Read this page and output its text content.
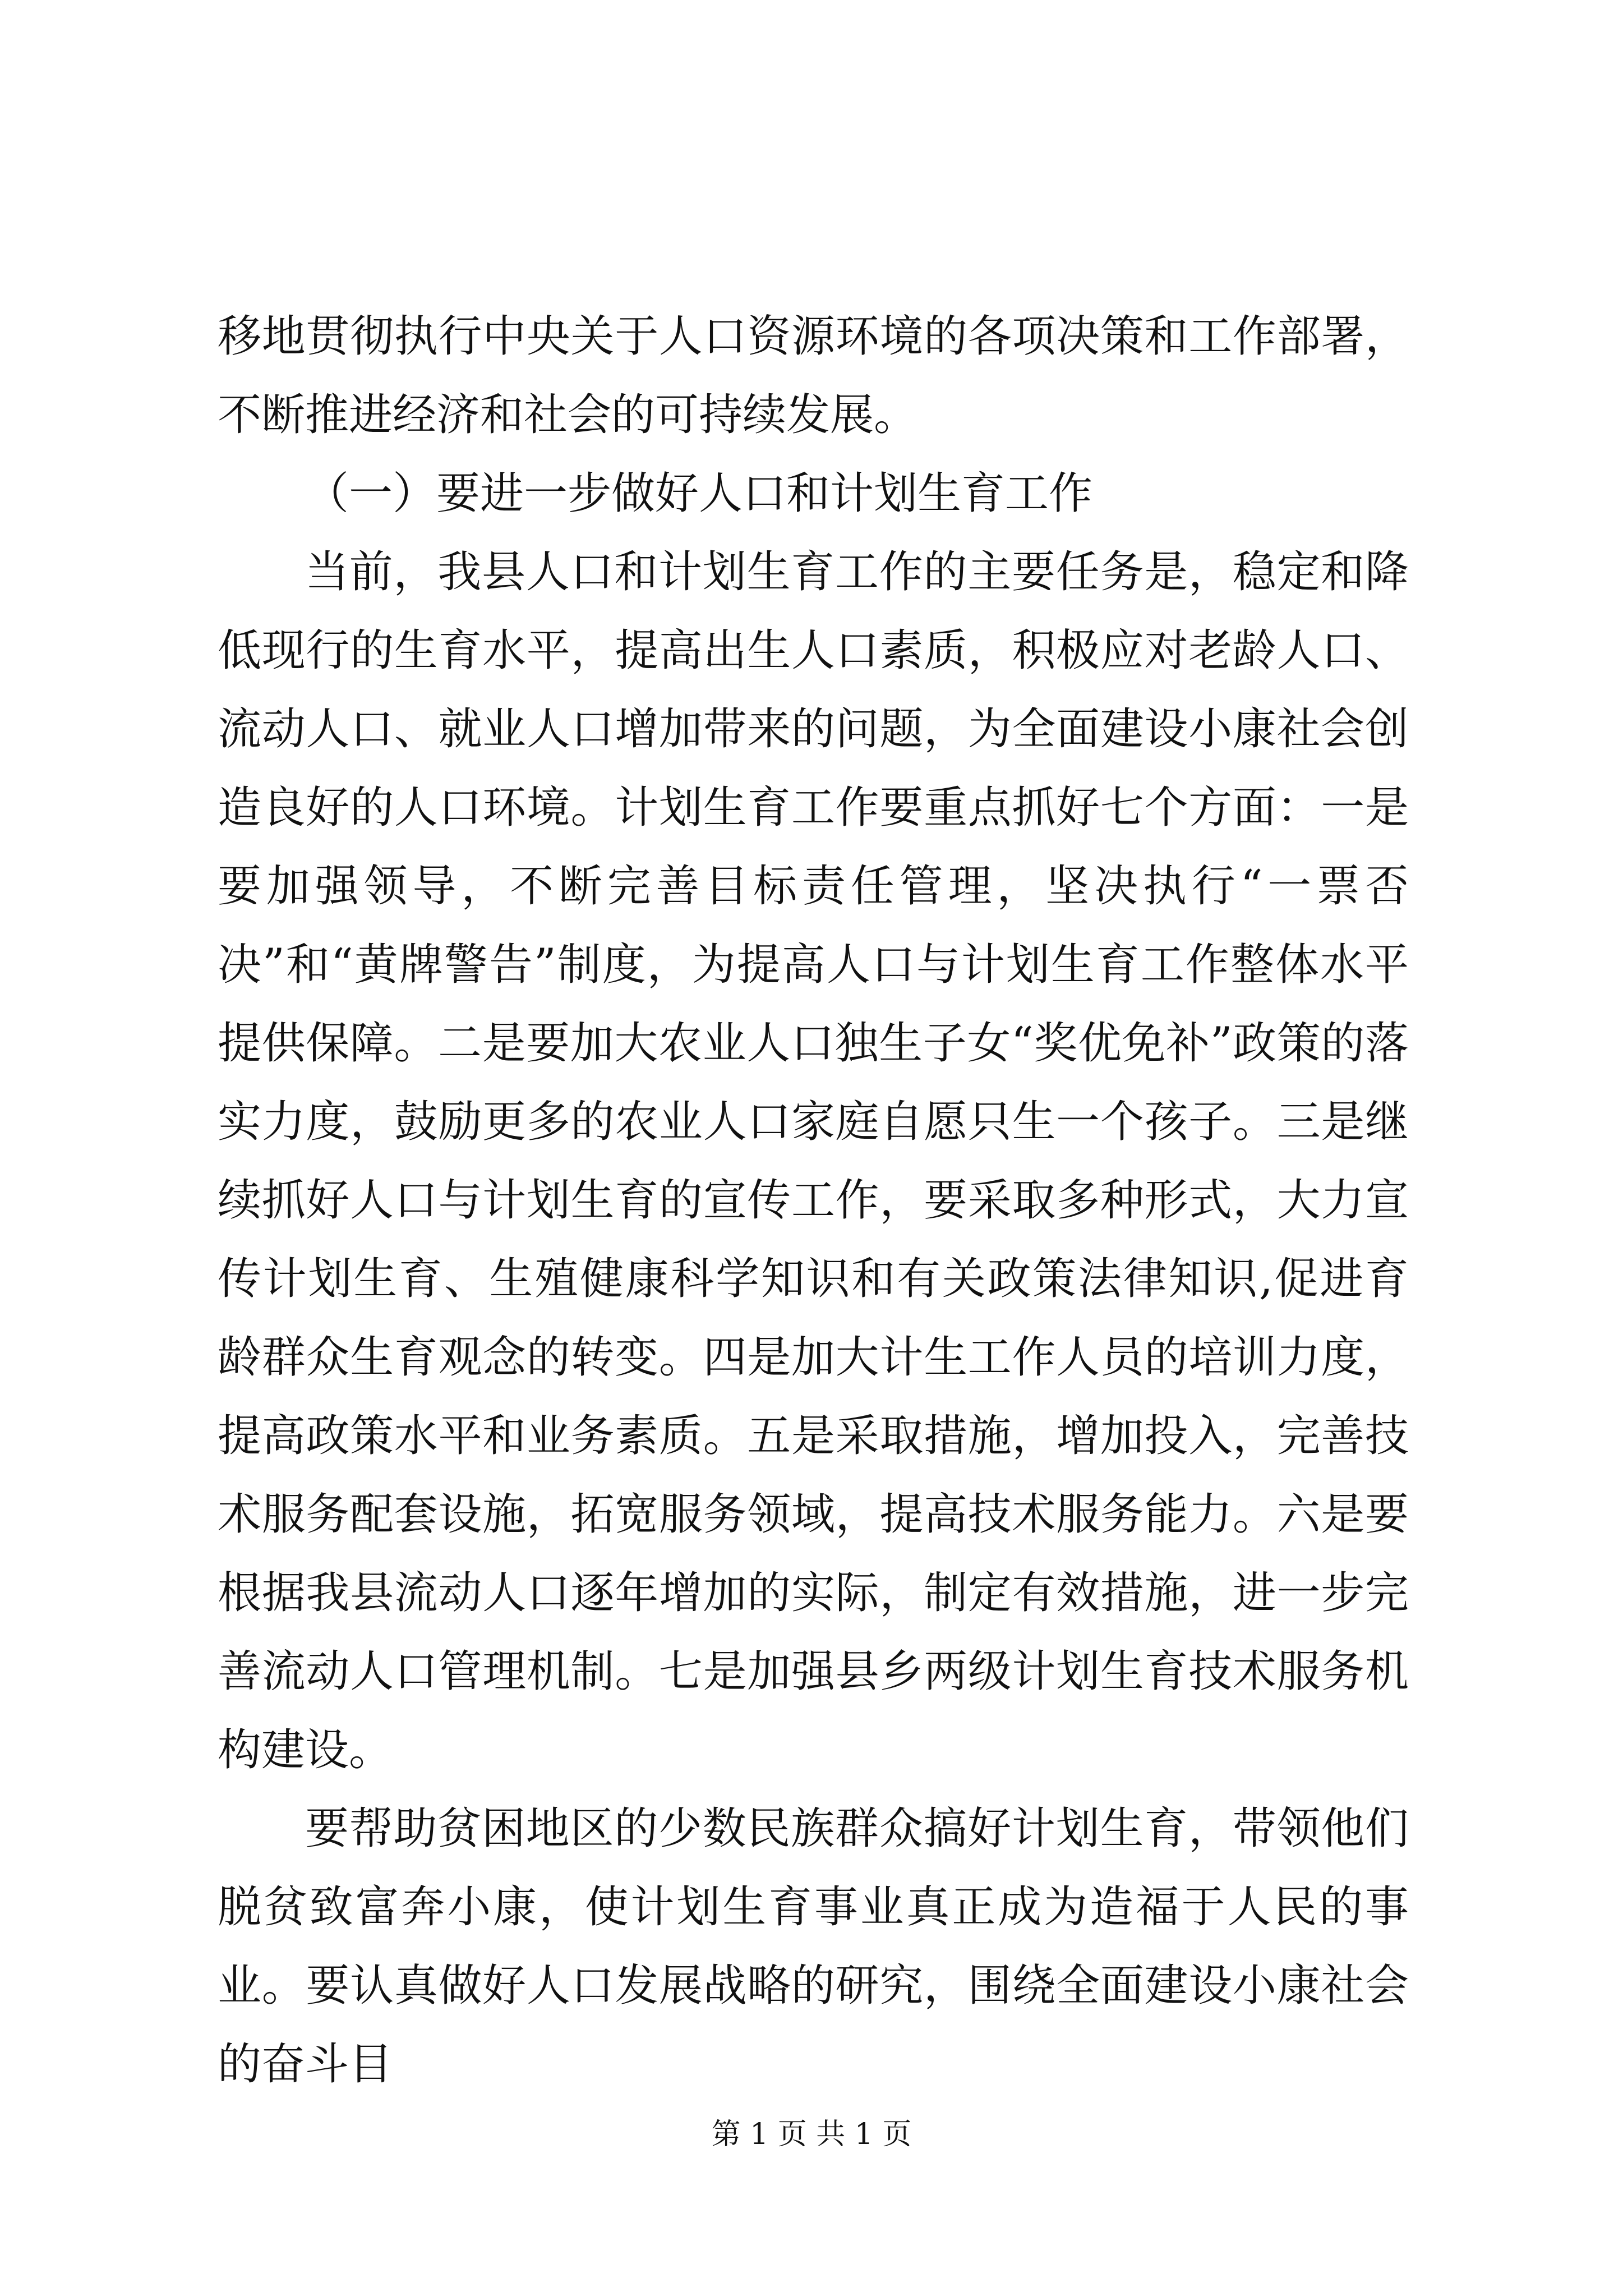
移地贯彻执行中央关于人口资源环境的各项决策和工作部署，不断推进经济和社会的可持续发展。

（一）要进一步做好人口和计划生育工作

当前，我县人口和计划生育工作的主要任务是，稳定和降低现行的生育水平，提高出生人口素质，积极应对老龄人口、流动人口、就业人口增加带来的问题，为全面建设小康社会创造良好的人口环境。计划生育工作要重点抓好七个方面：一是要加强领导，不断完善目标责任管理，坚决执行“一票否决”和“黄牌警告”制度，为提高人口与计划生育工作整体水平提供保障。二是要加大农业人口独生子女“奖优免补”政策的落实力度，鼓励更多的农业人口家庭自愿只生一个孩子。三是继续抓好人口与计划生育的宣传工作，要采取多种形式，大力宣传计划生育、生殖健康科学知识和有关政策法律知识,促进育龄群众生育观念的转变。四是加大计生工作人员的培训力度，提高政策水平和业务素质。五是采取措施，增加投入，完善技术服务配套设施，拓宽服务领域，提高技术服务能力。六是要根据我县流动人口逐年增加的实际，制定有效措施，进一步完善流动人口管理机制。七是加强县乡两级计划生育技术服务机构建设。

要帮助贫困地区的少数民族群众搞好计划生育，带领他们脱贫致富奔小康，使计划生育事业真正成为造福于人民的事业。要认真做好人口发展战略的研究，围绕全面建设小康社会的奋斗目

第 1 页 共 1 页
